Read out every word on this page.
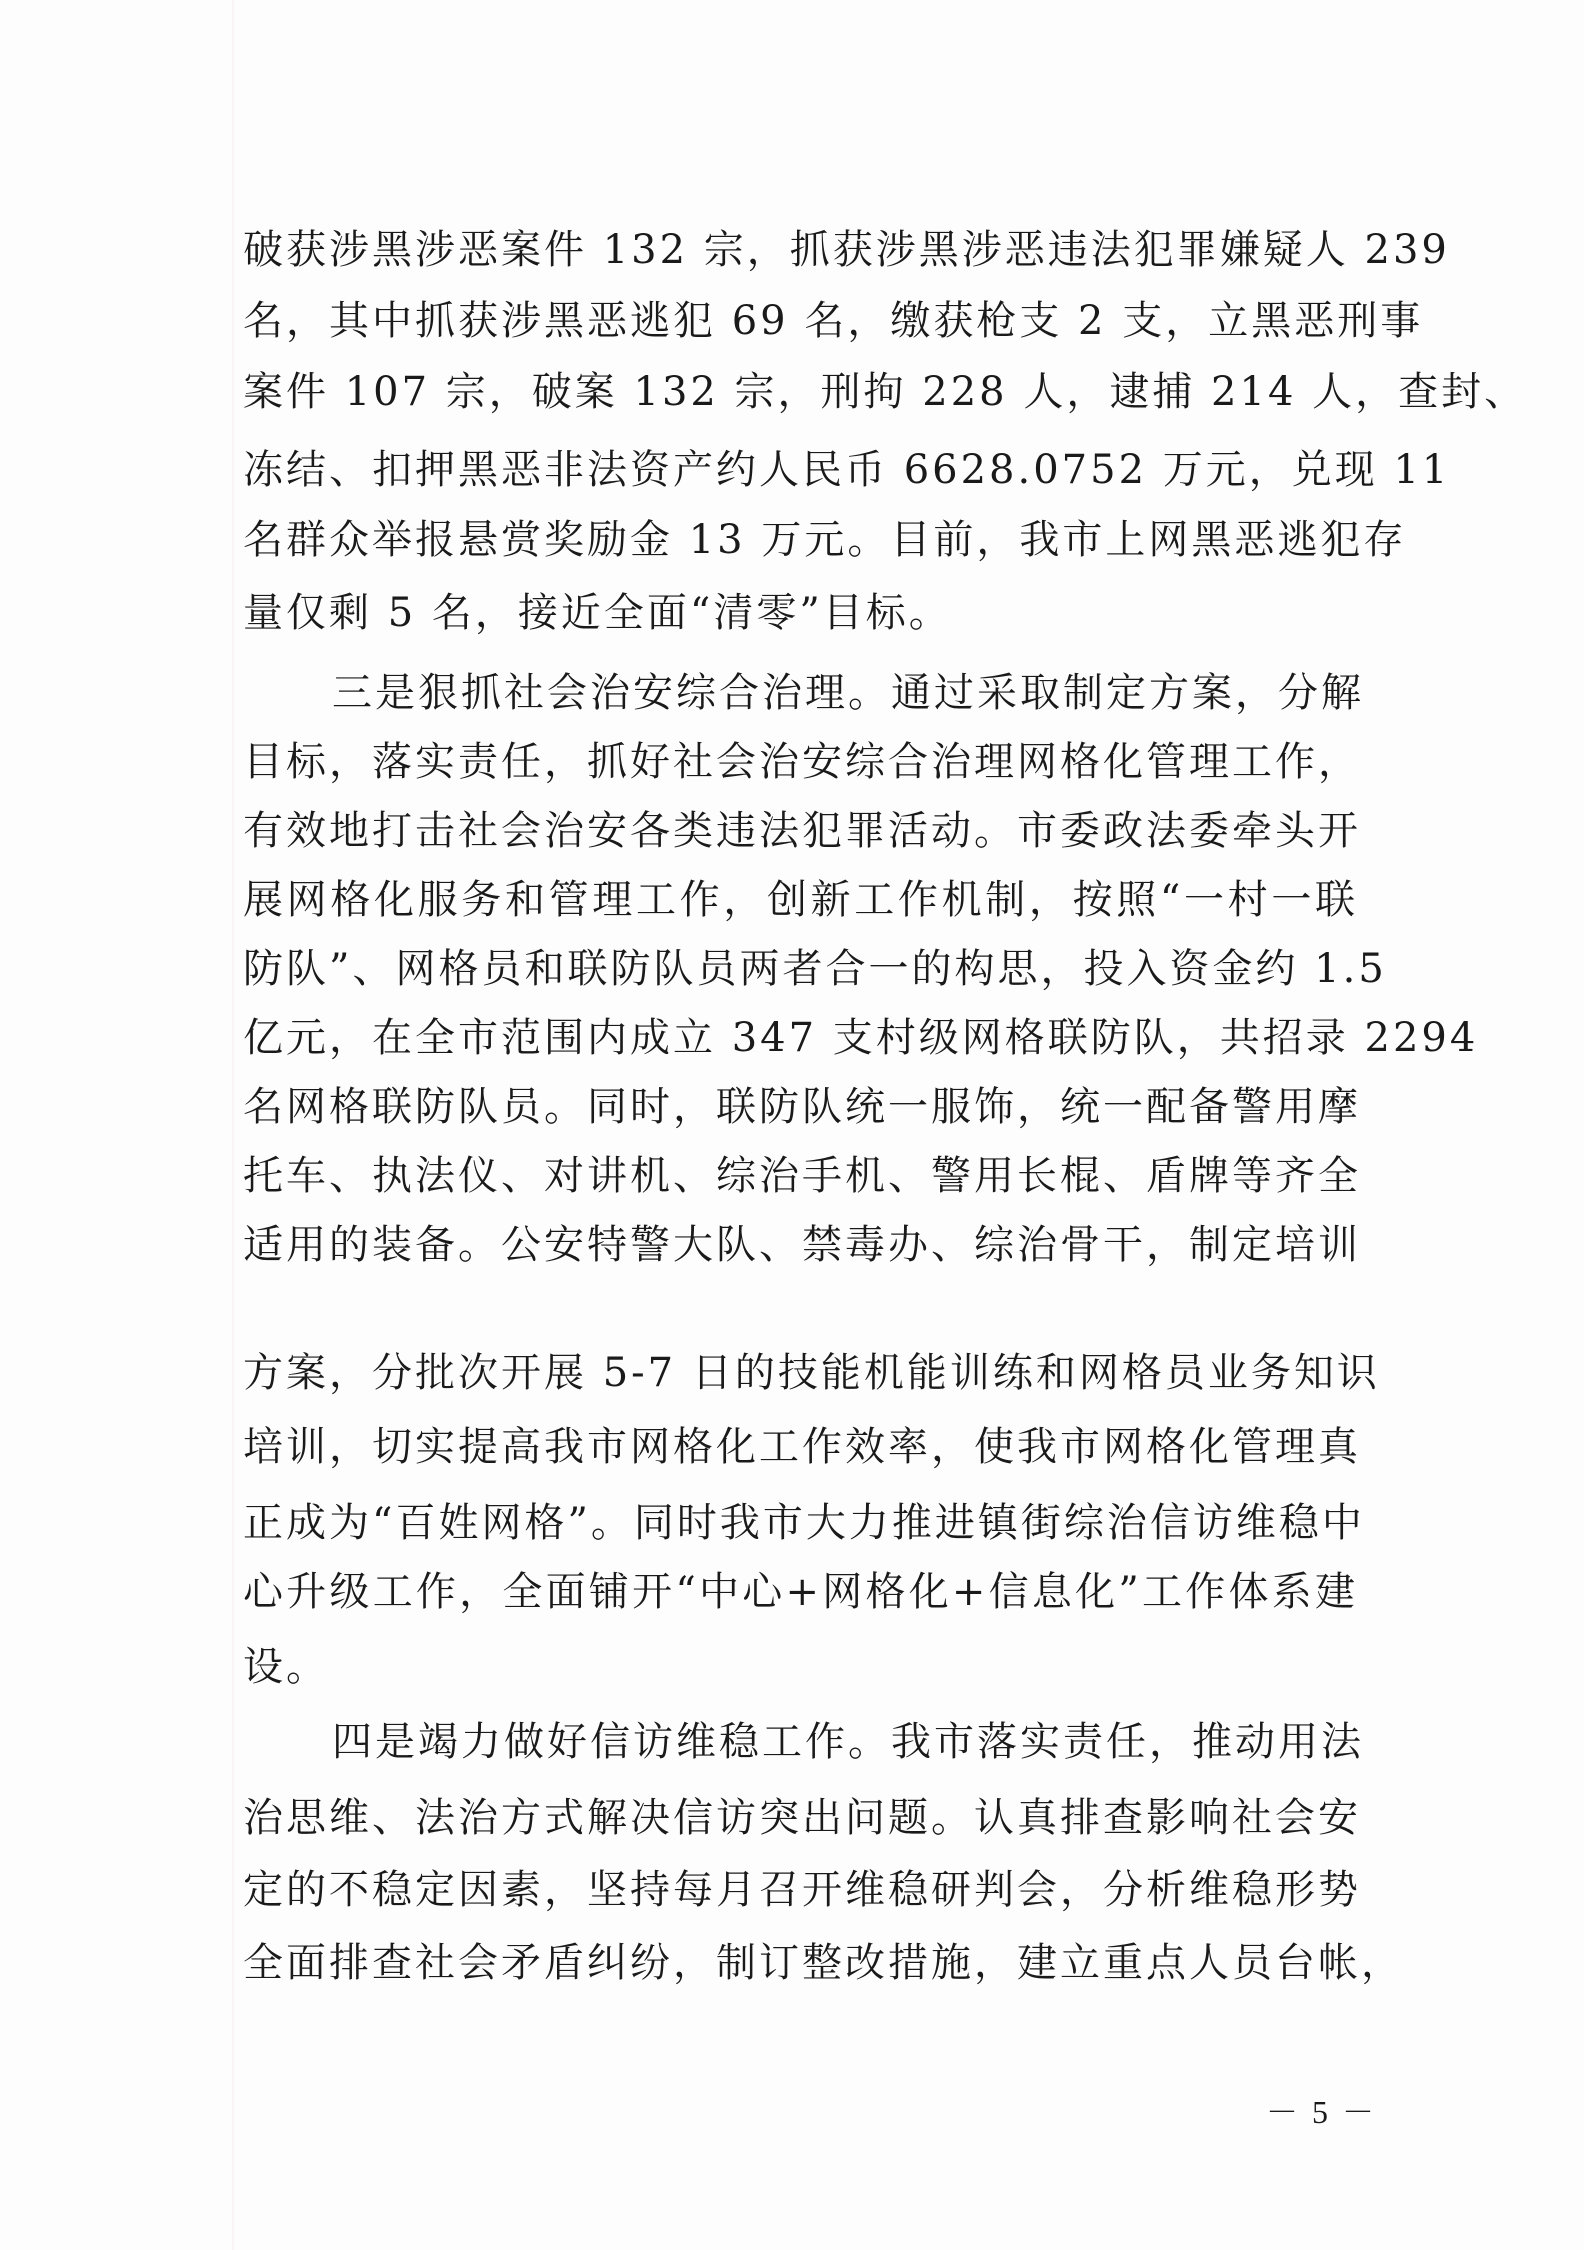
破获涉黑涉恶案件 132 宗，抓获涉黑涉恶违法犯罪嫌疑人 239
名，其中抓获涉黑恶逃犯 69 名，缴获枪支 2 支，立黑恶刑事
案件 107 宗，破案 132 宗，刑拘 228 人，逮捕 214 人，查封、
冻结、扣押黑恶非法资产约人民币 6628.0752 万元，兑现 11
名群众举报悬赏奖励金 13 万元。目前，我市上网黑恶逃犯存
量仅剩 5 名，接近全面“清零”目标。
三是狠抓社会治安综合治理。通过采取制定方案，分解
目标，落实责任，抓好社会治安综合治理网格化管理工作，
有效地打击社会治安各类违法犯罪活动。市委政法委牵头开
展网格化服务和管理工作，创新工作机制，按照“一村一联
防队”、网格员和联防队员两者合一的构思，投入资金约 1.5
亿元，在全市范围内成立 347 支村级网格联防队，共招录 2294
名网格联防队员。同时，联防队统一服饰，统一配备警用摩
托车、执法仪、对讲机、综治手机、警用长棍、盾牌等齐全
适用的装备。公安特警大队、禁毒办、综治骨干，制定培训
方案，分批次开展 5-7 日的技能机能训练和网格员业务知识
培训，切实提高我市网格化工作效率，使我市网格化管理真
正成为“百姓网格”。同时我市大力推进镇街综治信访维稳中
心升级工作，全面铺开“中心+网格化+信息化”工作体系建
设。
四是竭力做好信访维稳工作。我市落实责任，推动用法
治思维、法治方式解决信访突出问题。认真排查影响社会安
定的不稳定因素，坚持每月召开维稳研判会，分析维稳形势
全面排查社会矛盾纠纷，制订整改措施，建立重点人员台帐，
－ 5 －
